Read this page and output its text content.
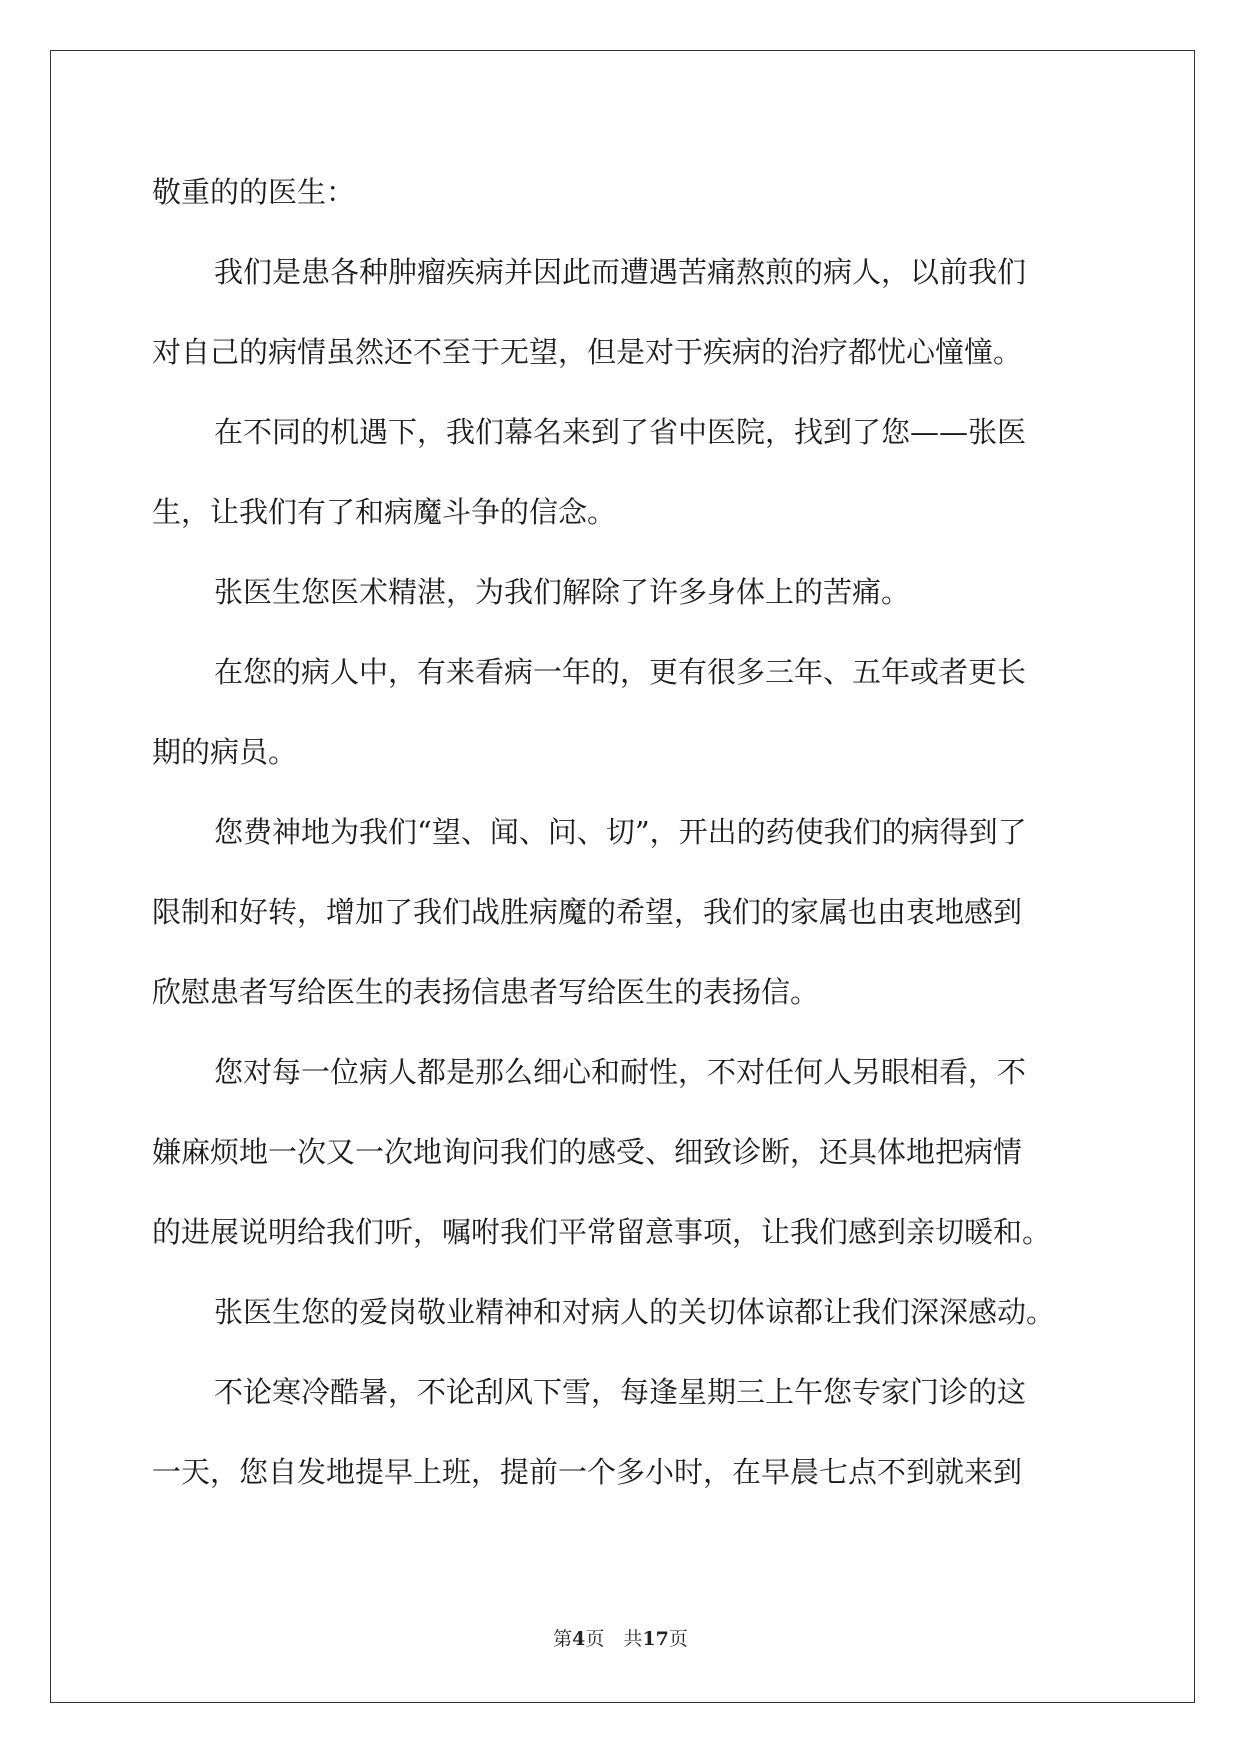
敬重的的医生：
我们是患各种肿瘤疾病并因此而遭遇苦痛熬煎的病人，以前我们
对自己的病情虽然还不至于无望，但是对于疾病的治疗都忧心憧憧。
在不同的机遇下，我们幕名来到了省中医院，找到了您——张医
生，让我们有了和病魔斗争的信念。
张医生您医术精湛，为我们解除了许多身体上的苦痛。
在您的病人中，有来看病一年的，更有很多三年、五年或者更长
期的病员。
您费神地为我们“望、闻、问、切”，开出的药使我们的病得到了
限制和好转，增加了我们战胜病魔的希望，我们的家属也由衷地感到
欣慰患者写给医生的表扬信患者写给医生的表扬信。
您对每一位病人都是那么细心和耐性，不对任何人另眼相看，不
嫌麻烦地一次又一次地询问我们的感受、细致诊断，还具体地把病情
的进展说明给我们听，嘱咐我们平常留意事项，让我们感到亲切暖和。
张医生您的爱岗敬业精神和对病人的关切体谅都让我们深深感动。
不论寒冷酷暑，不论刮风下雪，每逢星期三上午您专家门诊的这
一天，您自发地提早上班，提前一个多小时，在早晨七点不到就来到
第4页　共17页
